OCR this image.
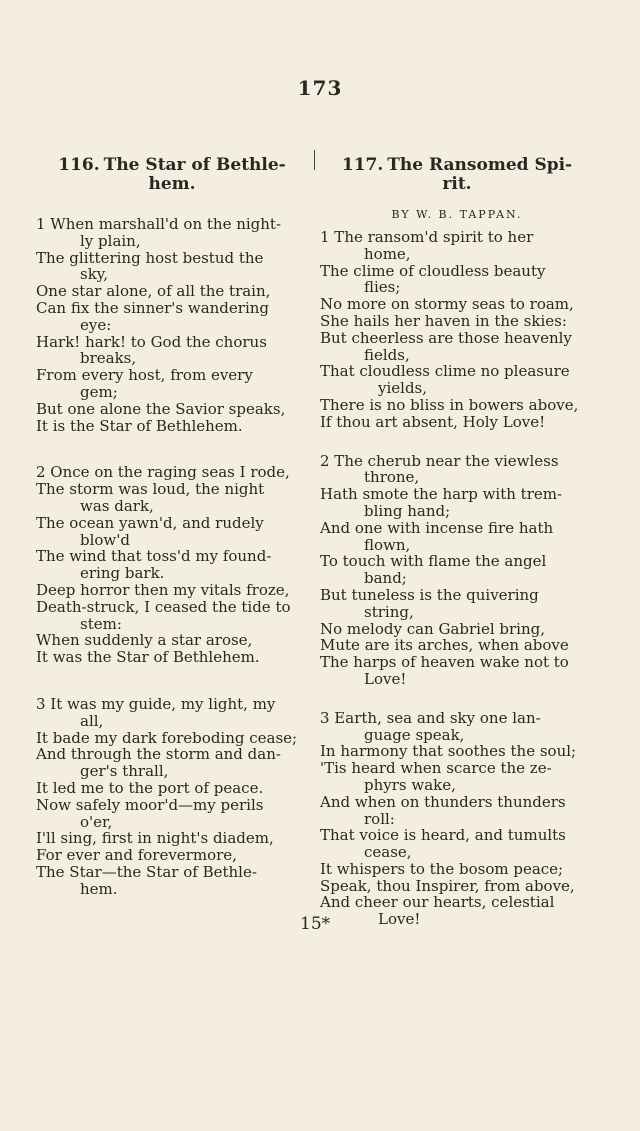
173
116. The Star of Bethle-
hem.
1 When marshall'd on the night-
ly plain,
The glittering host bestud the
sky,
One star alone, of all the train,
Can fix the sinner's wandering
eye:
Hark! hark! to God the chorus
breaks,
From every host, from every
gem;
But one alone the Savior speaks,
It is the Star of Bethlehem.
2 Once on the raging seas I rode,
The storm was loud, the night
was dark,
The ocean yawn'd, and rudely
blow'd
The wind that toss'd my found-
ering bark.
Deep horror then my vitals froze,
Death-struck, I ceased the tide to
stem:
When suddenly a star arose,
It was the Star of Bethlehem.
3 It was my guide, my light, my
all,
It bade my dark foreboding cease;
And through the storm and dan-
ger's thrall,
It led me to the port of peace.
Now safely moor'd—my perils
o'er,
I'll sing, first in night's diadem,
For ever and forevermore,
The Star—the Star of Bethle-
hem.
117. The Ransomed Spi-
rit.
BY W. B. TAPPAN.
1 The ransom'd spirit to her
home,
The clime of cloudless beauty
flies;
No more on stormy seas to roam,
She hails her haven in the skies:
But cheerless are those heavenly
fields,
That cloudless clime no pleasure
yields,
There is no bliss in bowers above,
If thou art absent, Holy Love!
2 The cherub near the viewless
throne,
Hath smote the harp with trem-
bling hand;
And one with incense fire hath
flown,
To touch with flame the angel
band;
But tuneless is the quivering
string,
No melody can Gabriel bring,
Mute are its arches, when above
The harps of heaven wake not to
Love!
3 Earth, sea and sky one lan-
guage speak,
In harmony that soothes the soul;
'Tis heard when scarce the ze-
phyrs wake,
And when on thunders thunders
roll:
That voice is heard, and tumults
cease,
It whispers to the bosom peace;
Speak, thou Inspirer, from above,
And cheer our hearts, celestial
Love!
15*
